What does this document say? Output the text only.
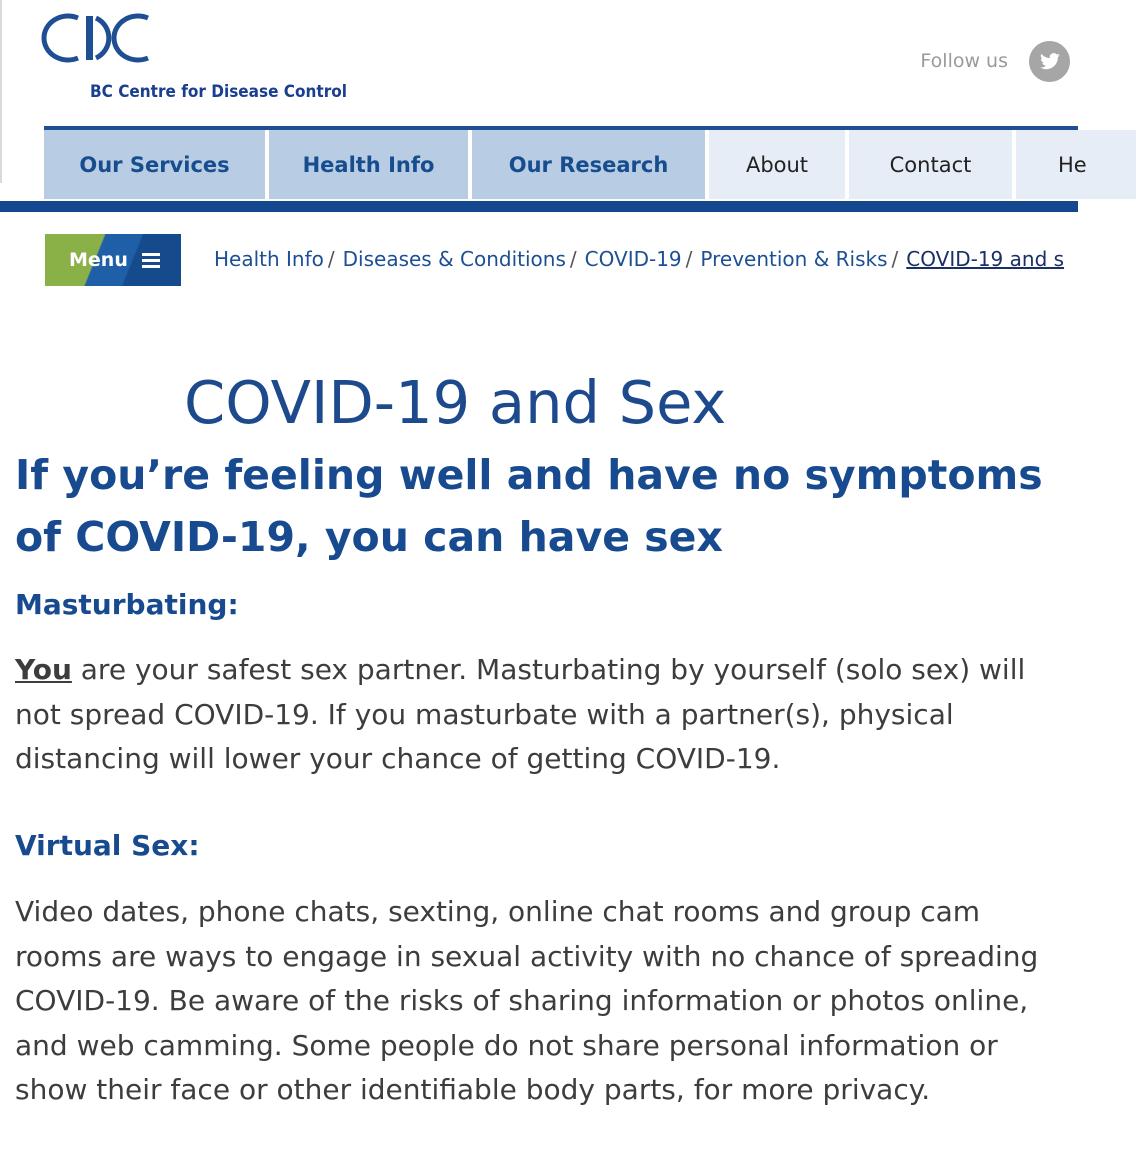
BC Centre for Disease Control
Follow us
Our Services	Health Info	Our Research	About	Contact	He
Menu	Health Info / Diseases & Conditions / COVID-19 / Prevention & Risks / COVID-19 and s
COVID-19 and Sex
If you’re feeling well and have no symptoms of COVID-19, you can have sex
Masturbating:

You are your safest sex partner. Masturbating by yourself (solo sex) will not spread COVID-19. If you masturbate with a partner(s), physical distancing will lower your chance of getting COVID-19.

Virtual Sex:

Video dates, phone chats, sexting, online chat rooms and group cam rooms are ways to engage in sexual activity with no chance of spreading COVID-19. Be aware of the risks of sharing information or photos online, and web camming. Some people do not share personal information or show their face or other identifiable body parts, for more privacy.
